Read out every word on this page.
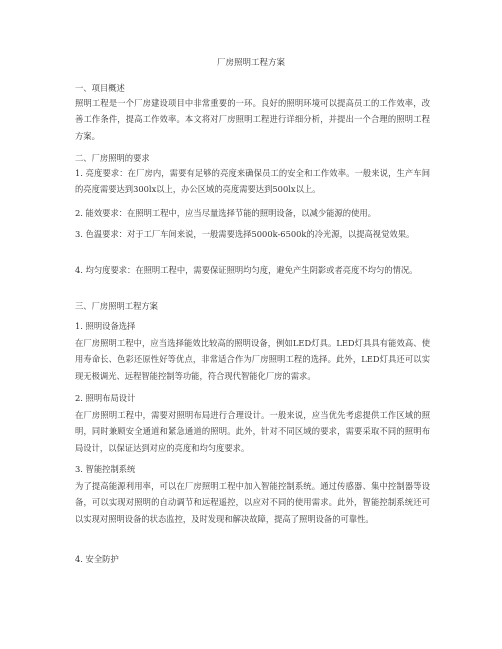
厂房照明工程方案
一、项目概述

照明工程是一个厂房建设项目中非常重要的一环。良好的照明环境可以提高员工的工作效率，改善工作条件，提高工作效率。本文将对厂房照明工程进行详细分析，并提出一个合理的照明工程方案。

二、厂房照明的要求

1. 亮度要求：在厂房内，需要有足够的亮度来确保员工的安全和工作效率。一般来说，生产车间的亮度需要达到300lx以上，办公区域的亮度需要达到500lx以上。

2. 能效要求：在照明工程中，应当尽量选择节能的照明设备，以减少能源的使用。

3. 色温要求：对于工厂车间来说，一般需要选择5000k-6500k的冷光源，以提高视觉效果。

4. 均匀度要求：在照明工程中，需要保证照明均匀度，避免产生阴影或者亮度不均匀的情况。

三、厂房照明工程方案
1. 照明设备选择

在厂房照明工程中，应当选择能效比较高的照明设备，例如LED灯具。LED灯具具有能效高、使用寿命长、色彩还原性好等优点，非常适合作为厂房照明工程的选择。此外，LED灯具还可以实现无极调光、远程智能控制等功能，符合现代智能化厂房的需求。

2. 照明布局设计

在厂房照明工程中，需要对照明布局进行合理设计。一般来说，应当优先考虑提供工作区域的照明，同时兼顾安全通道和紧急通道的照明。此外，针对不同区域的要求，需要采取不同的照明布局设计，以保证达到对应的亮度和均匀度要求。

3. 智能控制系统

为了提高能源利用率，可以在厂房照明工程中加入智能控制系统。通过传感器、集中控制器等设备，可以实现对照明的自动调节和远程遥控，以应对不同的使用需求。此外，智能控制系统还可以实现对照明设备的状态监控，及时发现和解决故障，提高了照明设备的可靠性。

4. 安全防护
